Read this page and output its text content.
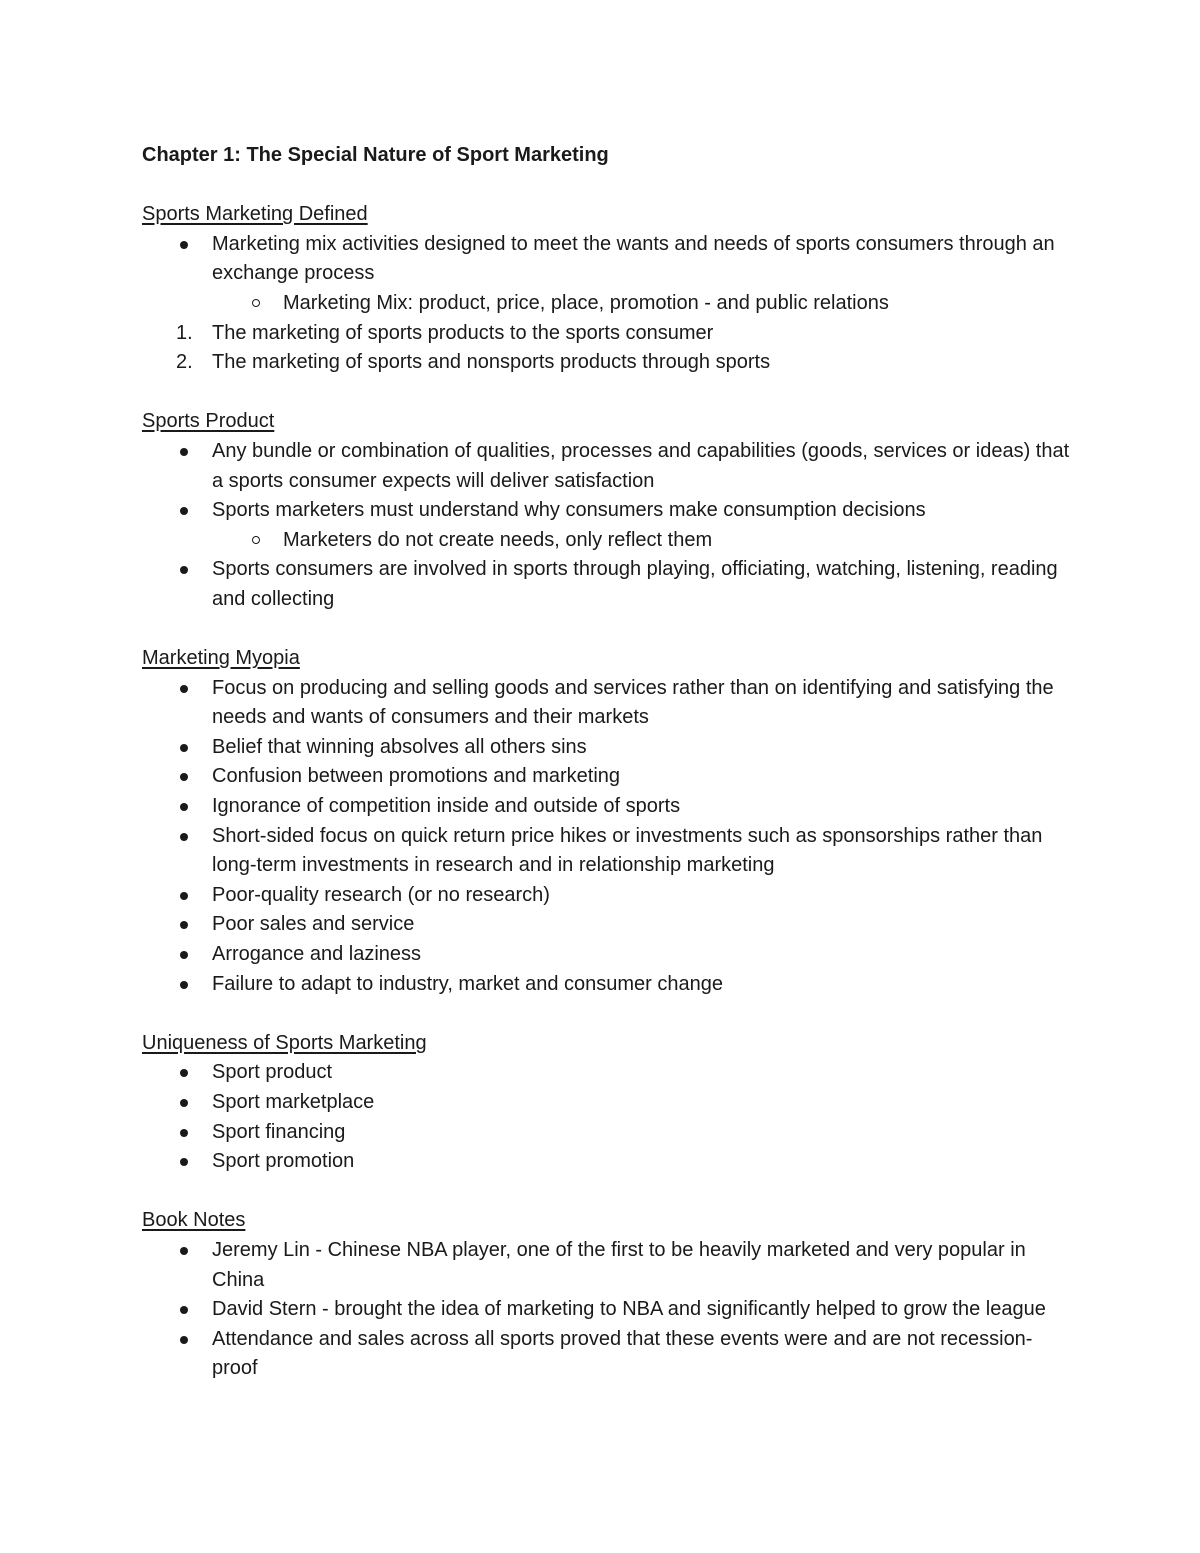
Chapter 1: The Special Nature of Sport Marketing
Sports Marketing Defined
Marketing mix activities designed to meet the wants and needs of sports consumers through an exchange process
Marketing Mix: product, price, place, promotion - and public relations
1. The marketing of sports products to the sports consumer
2. The marketing of sports and nonsports products through sports
Sports Product
Any bundle or combination of qualities, processes and capabilities (goods, services or ideas) that a sports consumer expects will deliver satisfaction
Sports marketers must understand why consumers make consumption decisions
Marketers do not create needs, only reflect them
Sports consumers are involved in sports through playing, officiating, watching, listening, reading and collecting
Marketing Myopia
Focus on producing and selling goods and services rather than on identifying and satisfying the needs and wants of consumers and their markets
Belief that winning absolves all others sins
Confusion between promotions and marketing
Ignorance of competition inside and outside of sports
Short-sided focus on quick return price hikes or investments such as sponsorships rather than long-term investments in research and in relationship marketing
Poor-quality research (or no research)
Poor sales and service
Arrogance and laziness
Failure to adapt to industry, market and consumer change
Uniqueness of Sports Marketing
Sport product
Sport marketplace
Sport financing
Sport promotion
Book Notes
Jeremy Lin - Chinese NBA player, one of the first to be heavily marketed and very popular in China
David Stern - brought the idea of marketing to NBA and significantly helped to grow the league
Attendance and sales across all sports proved that these events were and are not recession-proof
